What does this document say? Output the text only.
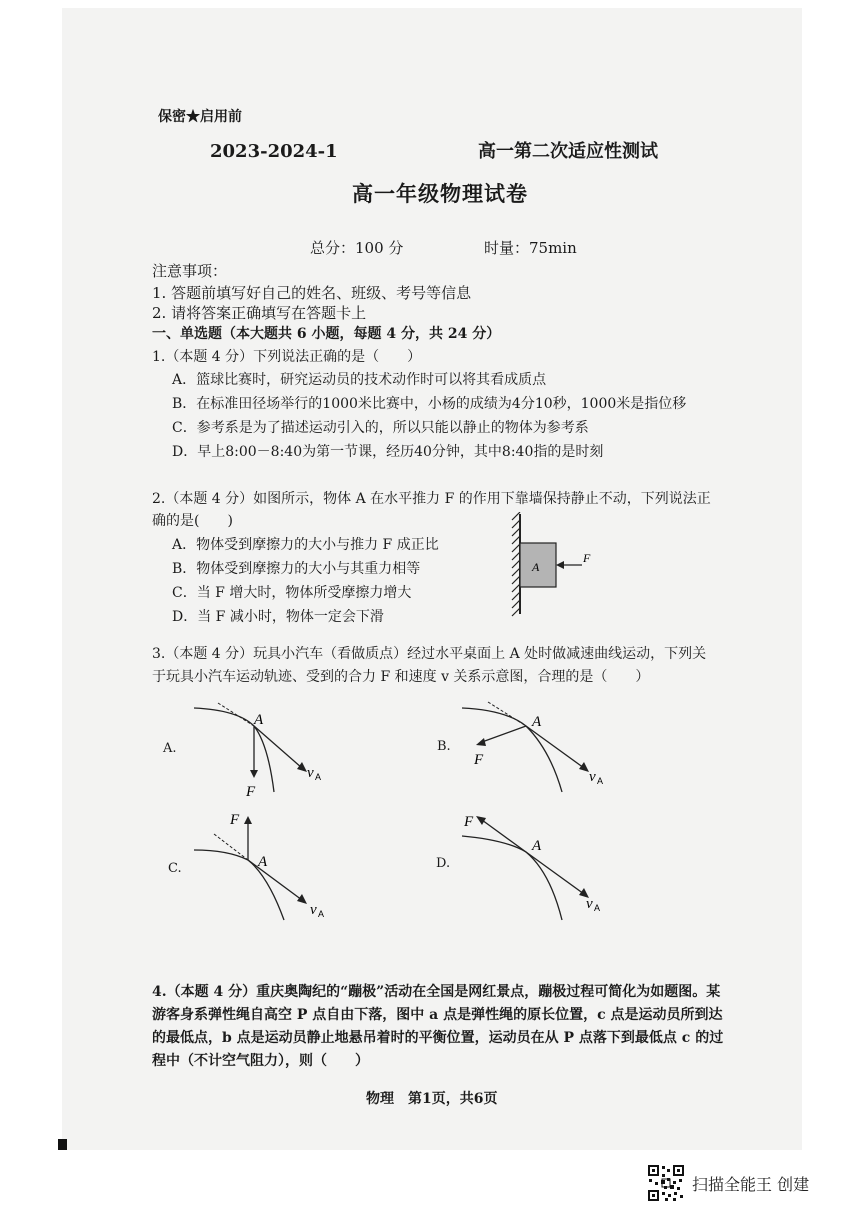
保密★启用前
2023-2024-1	高一第二次适应性测试
高一年级物理试卷
总分：100 分	时量：75min
注意事项：
1. 答题前填写好自己的姓名、班级、考号等信息
2. 请将答案正确填写在答题卡上
一、单选题（本大题共 6 小题，每题 4 分，共 24 分）
1.（本题 4 分）下列说法正确的是（　　）
A．篮球比赛时，研究运动员的技术动作时可以将其看成质点
B．在标准田径场举行的1000米比赛中，小杨的成绩为4分10秒，1000米是指位移
C．参考系是为了描述运动引入的，所以只能以静止的物体为参考系
D．早上8:00－8:40为第一节课，经历40分钟，其中8:40指的是时刻
2.（本题 4 分）如图所示，物体 A 在水平推力 F 的作用下靠墙保持静止不动，下列说法正
确的是(　　)
A．物体受到摩擦力的大小与推力 F 成正比
B．物体受到摩擦力的大小与其重力相等
C．当 F 增大时，物体所受摩擦力增大
D．当 F 减小时，物体一定会下滑
A
F
3.（本题 4 分）玩具小汽车（看做质点）经过水平桌面上 A 处时做减速曲线运动，下列关
于玩具小汽车运动轨迹、受到的合力 F 和速度 v 关系示意图，合理的是（　　）
A.
A
F
v A
B.
A
F
v A
C.	A
F
v A
D.
A
F
v A
4.（本题 4 分）重庆奥陶纪的“蹦极”活动在全国是网红景点，蹦极过程可简化为如题图。某
游客身系弹性绳自高空 P 点自由下落，图中 a 点是弹性绳的原长位置，c 点是运动员所到达
的最低点，b 点是运动员静止地悬吊着时的平衡位置，运动员在从 P 点落下到最低点 c 的过
程中（不计空气阻力），则（　　）
物理　第1页，共6页
扫描全能王 创建
